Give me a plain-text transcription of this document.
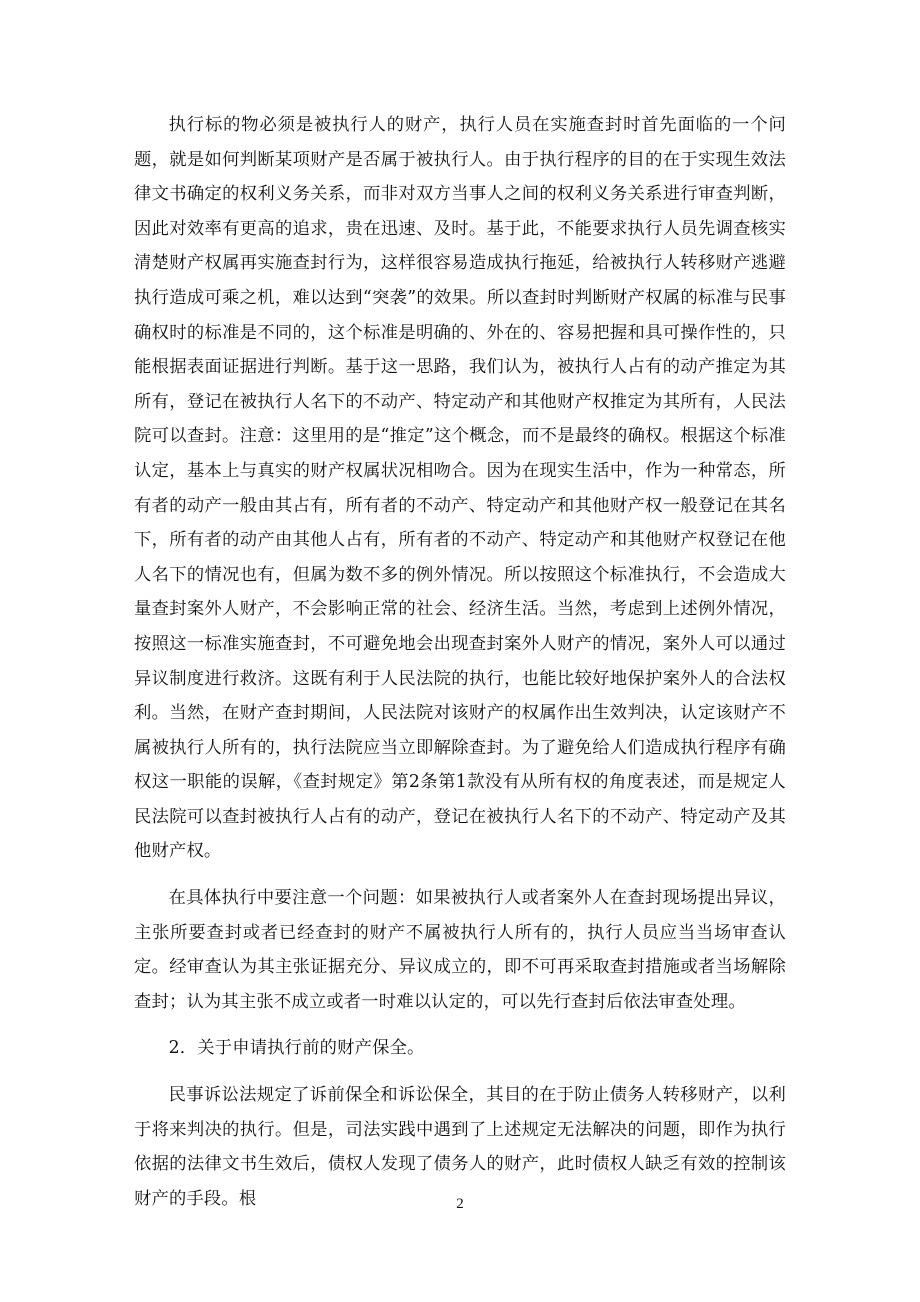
执行标的物必须是被执行人的财产，执行人员在实施查封时首先面临的一个问题，就是如何判断某项财产是否属于被执行人。由于执行程序的目的在于实现生效法律文书确定的权利义务关系，而非对双方当事人之间的权利义务关系进行审查判断，因此对效率有更高的追求，贵在迅速、及时。基于此，不能要求执行人员先调查核实清楚财产权属再实施查封行为，这样很容易造成执行拖延，给被执行人转移财产逃避执行造成可乘之机，难以达到“突袭”的效果。所以查封时判断财产权属的标准与民事确权时的标准是不同的，这个标准是明确的、外在的、容易把握和具可操作性的，只能根据表面证据进行判断。基于这一思路，我们认为，被执行人占有的动产推定为其所有，登记在被执行人名下的不动产、特定动产和其他财产权推定为其所有，人民法院可以查封。注意：这里用的是“推定”这个概念，而不是最终的确权。根据这个标准认定，基本上与真实的财产权属状况相吻合。因为在现实生活中，作为一种常态，所有者的动产一般由其占有，所有者的不动产、特定动产和其他财产权一般登记在其名下，所有者的动产由其他人占有，所有者的不动产、特定动产和其他财产权登记在他人名下的情况也有，但属为数不多的例外情况。所以按照这个标准执行，不会造成大量查封案外人财产，不会影响正常的社会、经济生活。当然，考虑到上述例外情况，按照这一标准实施查封，不可避免地会出现查封案外人财产的情况，案外人可以通过异议制度进行救济。这既有利于人民法院的执行，也能比较好地保护案外人的合法权利。当然，在财产查封期间，人民法院对该财产的权属作出生效判决，认定该财产不属被执行人所有的，执行法院应当立即解除查封。为了避免给人们造成执行程序有确权这一职能的误解，《查封规定》第2条第1款没有从所有权的角度表述，而是规定人民法院可以查封被执行人占有的动产，登记在被执行人名下的不动产、特定动产及其他财产权。

在具体执行中要注意一个问题：如果被执行人或者案外人在查封现场提出异议，主张所要查封或者已经查封的财产不属被执行人所有的，执行人员应当当场审查认定。经审查认为其主张证据充分、异议成立的，即不可再采取查封措施或者当场解除查封；认为其主张不成立或者一时难以认定的，可以先行查封后依法审查处理。

2．关于申请执行前的财产保全。

民事诉讼法规定了诉前保全和诉讼保全，其目的在于防止债务人转移财产，以利于将来判决的执行。但是，司法实践中遇到了上述规定无法解决的问题，即作为执行依据的法律文书生效后，债权人发现了债务人的财产，此时债权人缺乏有效的控制该财产的手段。根	2
